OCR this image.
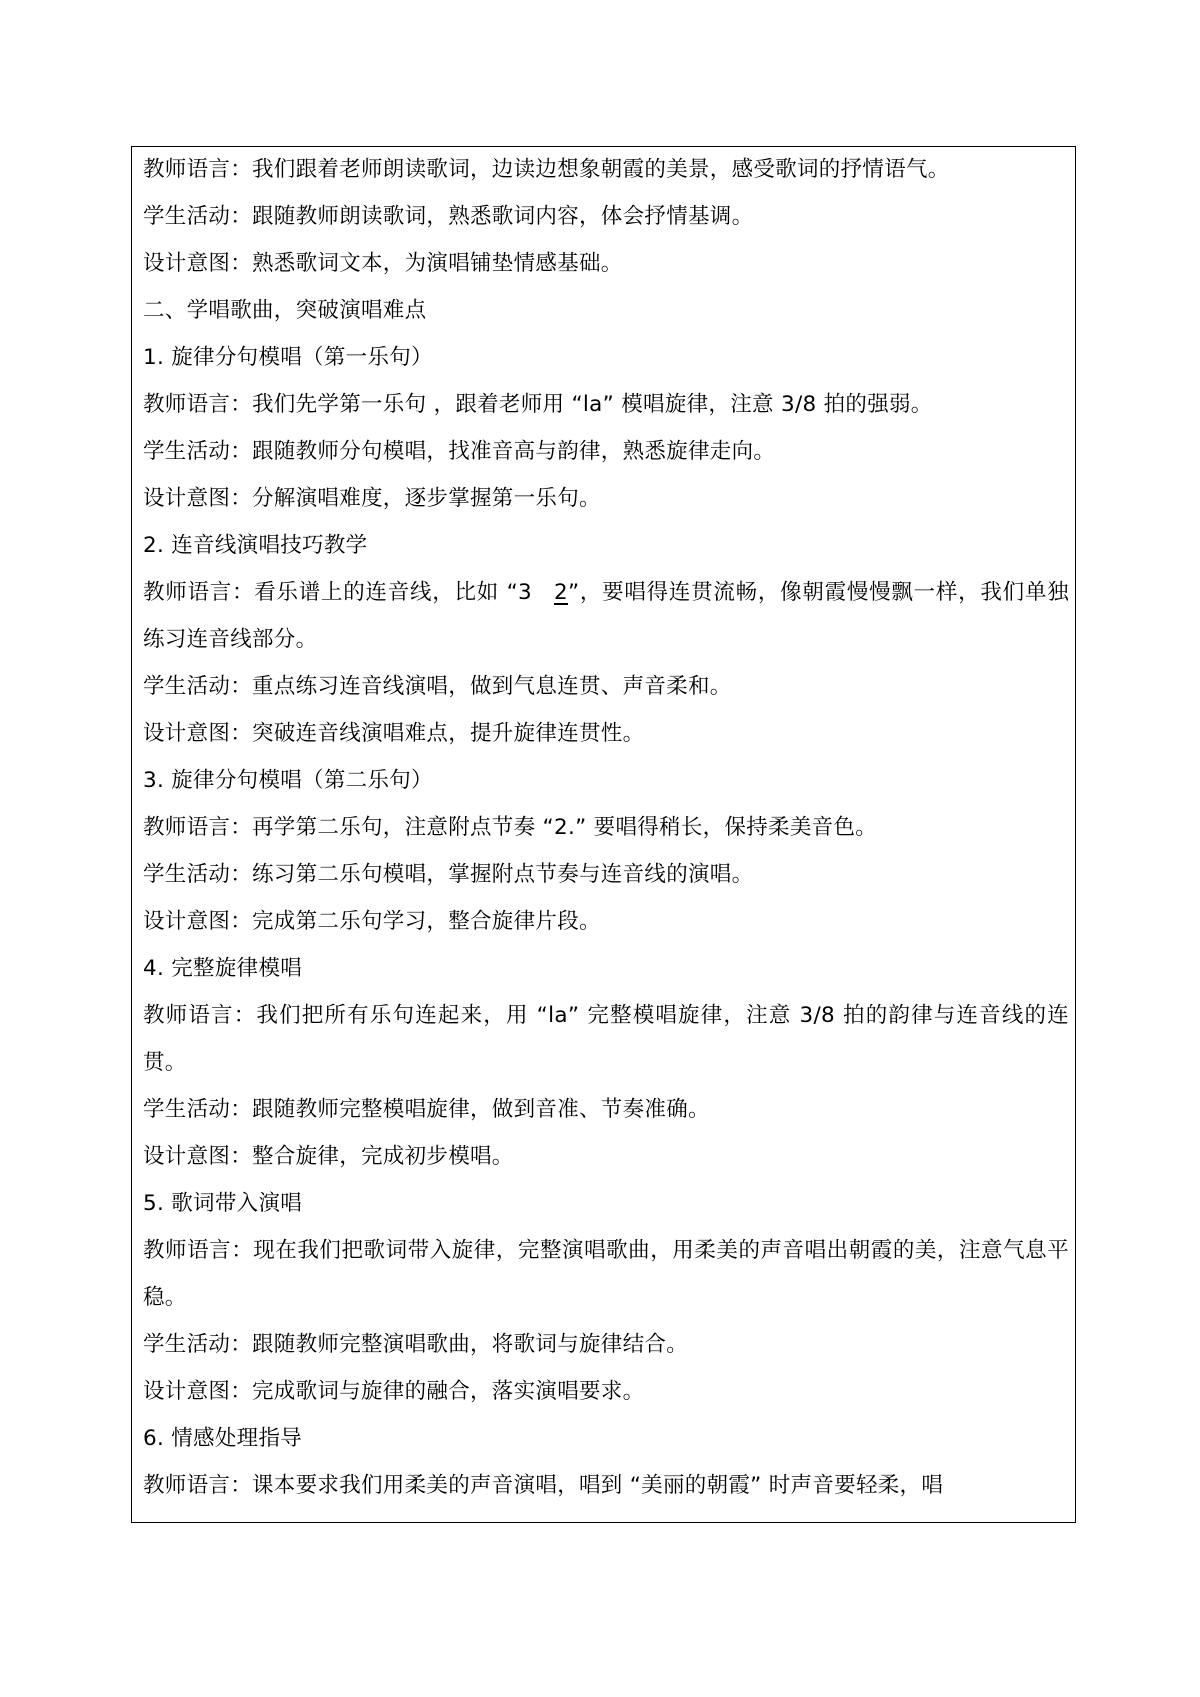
教师语言：我们跟着老师朗读歌词，边读边想象朝霞的美景，感受歌词的抒情语气。
学生活动：跟随教师朗读歌词，熟悉歌词内容，体会抒情基调。
设计意图：熟悉歌词文本，为演唱铺垫情感基础。
二、学唱歌曲，突破演唱难点
1. 旋律分句模唱（第一乐句）
教师语言：我们先学第一乐句 ，跟着老师用 “la” 模唱旋律，注意 3/8 拍的强弱。
学生活动：跟随教师分句模唱，找准音高与韵律，熟悉旋律走向。
设计意图：分解演唱难度，逐步掌握第一乐句。
2. 连音线演唱技巧教学
教师语言：看乐谱上的连音线，比如 “3 2”，要唱得连贯流畅，像朝霞慢慢飘一样，我们单独练习连音线部分。
学生活动：重点练习连音线演唱，做到气息连贯、声音柔和。
设计意图：突破连音线演唱难点，提升旋律连贯性。
3. 旋律分句模唱（第二乐句）
教师语言：再学第二乐句，注意附点节奏 “2.” 要唱得稍长，保持柔美音色。
学生活动：练习第二乐句模唱，掌握附点节奏与连音线的演唱。
设计意图：完成第二乐句学习，整合旋律片段。
4. 完整旋律模唱
教师语言：我们把所有乐句连起来，用 “la” 完整模唱旋律，注意 3/8 拍的韵律与连音线的连贯。
学生活动：跟随教师完整模唱旋律，做到音准、节奏准确。
设计意图：整合旋律，完成初步模唱。
5. 歌词带入演唱
教师语言：现在我们把歌词带入旋律，完整演唱歌曲，用柔美的声音唱出朝霞的美，注意气息平稳。
学生活动：跟随教师完整演唱歌曲，将歌词与旋律结合。
设计意图：完成歌词与旋律的融合，落实演唱要求。
6. 情感处理指导
教师语言：课本要求我们用柔美的声音演唱，唱到 “美丽的朝霞” 时声音要轻柔，唱
